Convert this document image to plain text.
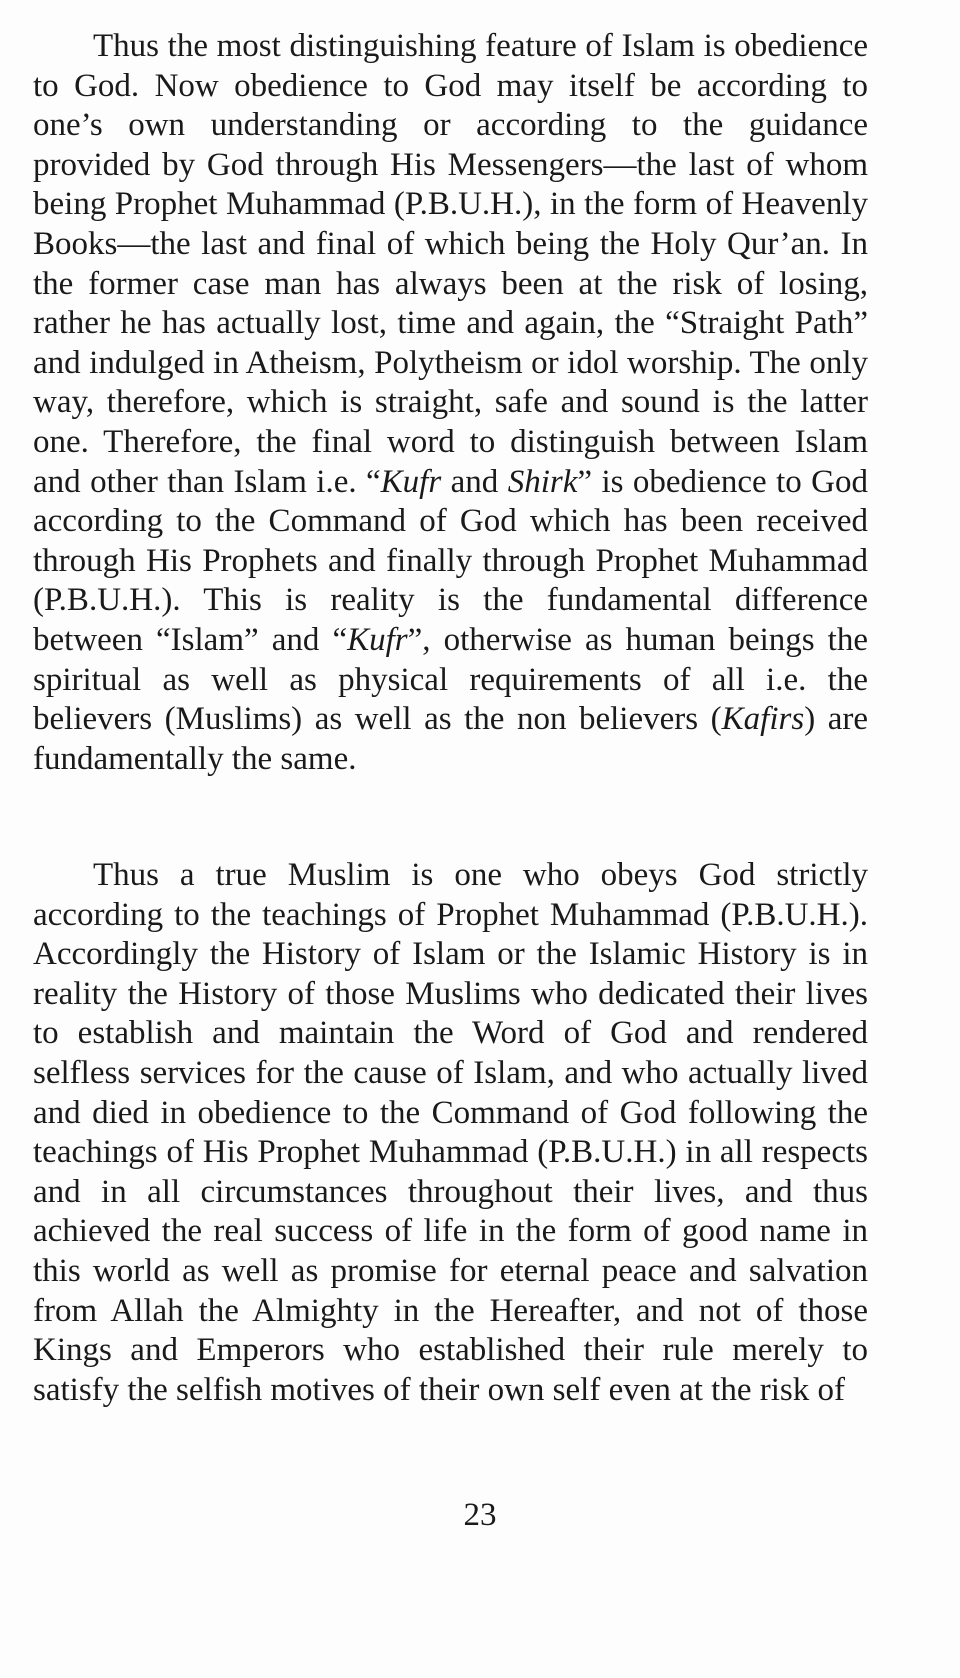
Thus the most distinguishing feature of Islam is obedience to God. Now obedience to God may itself be according to one’s own understanding or according to the guidance provided by God through His Messengers—the last of whom being Prophet Muhammad (P.B.U.H.), in the form of Heavenly Books—the last and final of which being the Holy Qur’an. In the former case man has always been at the risk of losing, rather he has actually lost, time and again, the “Straight Path” and indulged in Atheism, Polytheism or idol worship. The only way, therefore, which is straight, safe and sound is the latter one. Therefore, the final word to distinguish between Islam and other than Islam i.e. “Kufr and Shirk” is obedience to God according to the Command of God which has been received through His Prophets and finally through Prophet Muhammad (P.B.U.H.). This is reality is the fundamental difference between “Islam” and “Kufr”, otherwise as human beings the spiritual as well as physical requirements of all i.e. the believers (Muslims) as well as the non believers (Kafirs) are fundamentally the same.

Thus a true Muslim is one who obeys God strictly according to the teachings of Prophet Muhammad (P.B.U.H.). Accordingly the History of Islam or the Islamic History is in reality the History of those Muslims who dedicated their lives to establish and maintain the Word of God and rendered selfless services for the cause of Islam, and who actually lived and died in obedience to the Command of God following the teachings of His Prophet Muhammad (P.B.U.H.) in all respects and in all circumstances throughout their lives, and thus achieved the real success of life in the form of good name in this world as well as promise for eternal peace and salvation from Allah the Almighty in the Hereafter, and not of those Kings and Emperors who established their rule merely to satisfy the selfish motives of their own self even at the risk of

23
